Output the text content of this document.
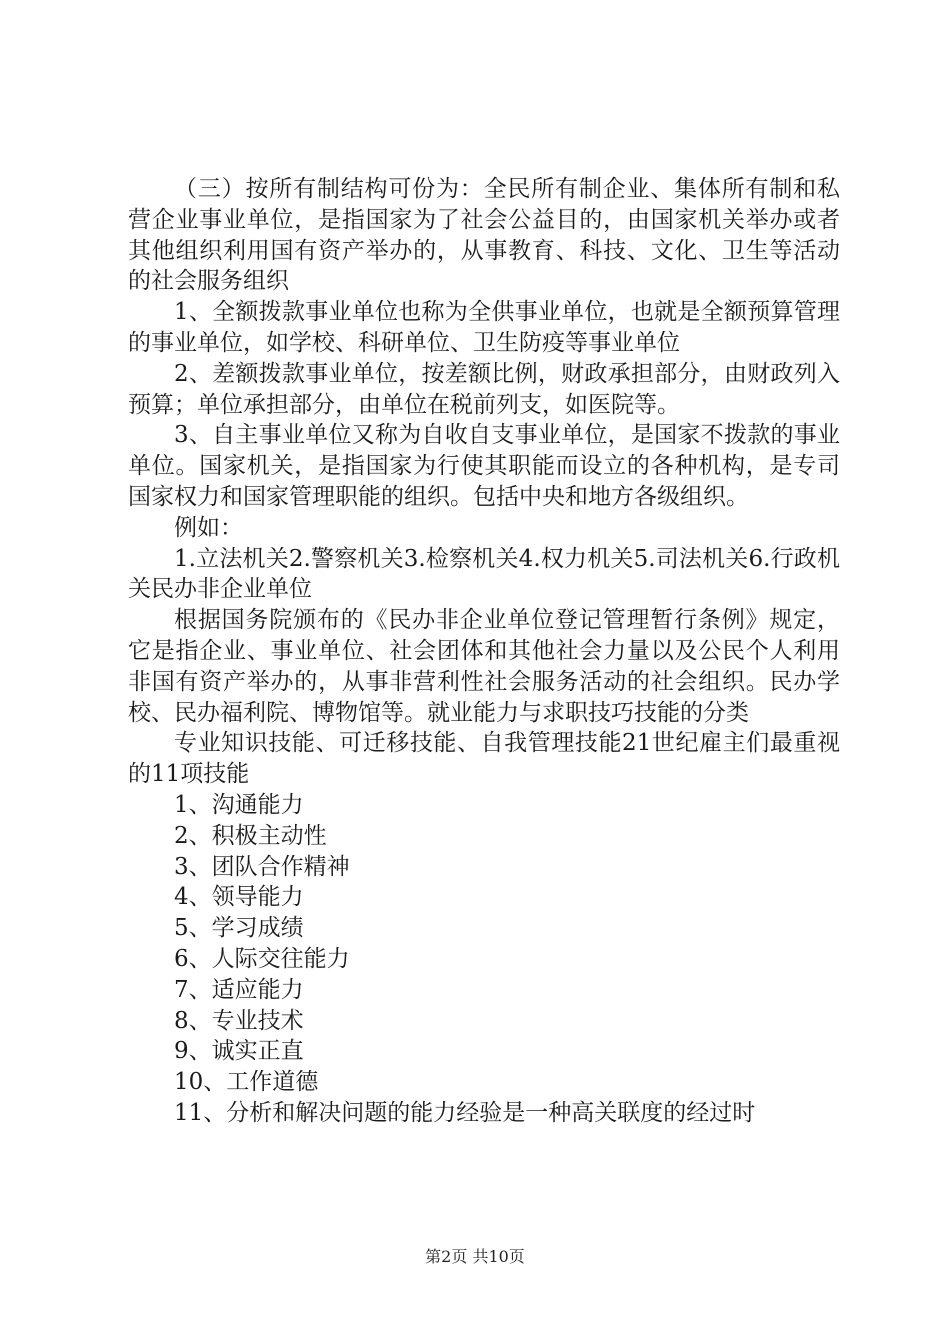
（三）按所有制结构可份为：全民所有制企业、集体所有制和私营企业事业单位，是指国家为了社会公益目的，由国家机关举办或者其他组织利用国有资产举办的，从事教育、科技、文化、卫生等活动的社会服务组织

1、全额拨款事业单位也称为全供事业单位，也就是全额预算管理的事业单位，如学校、科研单位、卫生防疫等事业单位

2、差额拨款事业单位，按差额比例，财政承担部分，由财政列入预算；单位承担部分，由单位在税前列支，如医院等。

3、自主事业单位又称为自收自支事业单位，是国家不拨款的事业单位。国家机关，是指国家为行使其职能而设立的各种机构，是专司国家权力和国家管理职能的组织。包括中央和地方各级组织。

例如：

1.立法机关2.警察机关3.检察机关4.权力机关5.司法机关6.行政机关民办非企业单位

根据国务院颁布的《民办非企业单位登记管理暂行条例》规定，它是指企业、事业单位、社会团体和其他社会力量以及公民个人利用非国有资产举办的，从事非营利性社会服务活动的社会组织。民办学校、民办福利院、博物馆等。就业能力与求职技巧技能的分类

专业知识技能、可迁移技能、自我管理技能21世纪雇主们最重视的11项技能

1、沟通能力

2、积极主动性

3、团队合作精神

4、领导能力

5、学习成绩

6、人际交往能力

7、适应能力

8、专业技术

9、诚实正直

10、工作道德

11、分析和解决问题的能力经验是一种高关联度的经过时

第2页 共10页
